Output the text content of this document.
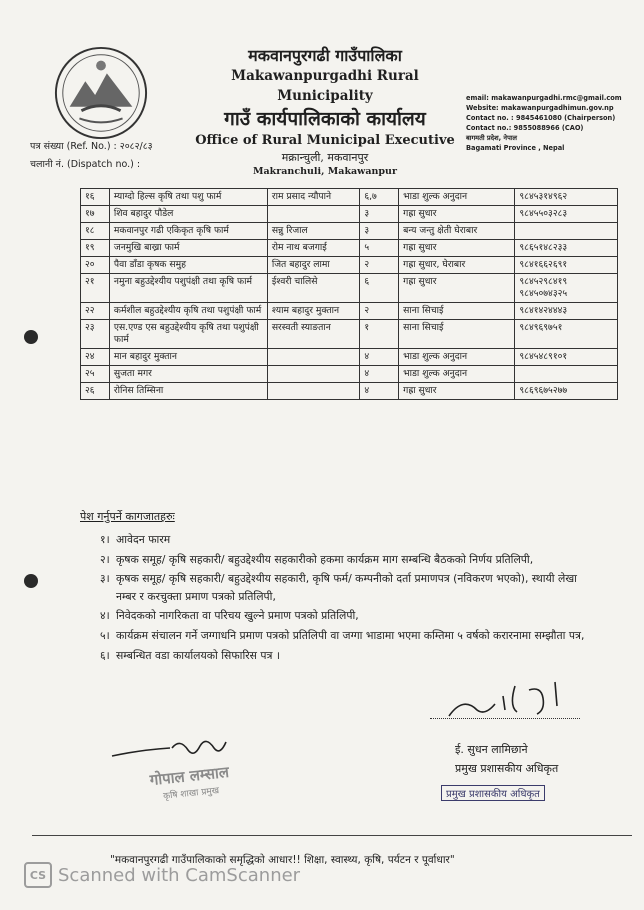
मकवानपुरगढी गाउँपालिका
Makawanpurgadhi Rural Municipality
गाउँ कार्यपालिकाको कार्यालय
Office of Rural Municipal Executive
मक्रान्चुली, मकवानपुर
Makranchuli, Makawanpur
email: makawanpurgadhi.rmc@gmail.com
Website: makawanpurgadhimun.gov.np
Contact no. : 9845461080 (Chairperson)
Contact no.: 9855088966 (CAO)
बागमती प्रदेश, नेपाल
Bagamati Province , Nepal
पत्र संख्या (Ref. No.) : २०८२/८३
चलानी नं. (Dispatch no.) :
१६	म्याग्दो हिल्स कृषि तथा पशु फार्म	राम प्रसाद न्यौपाने	६,७	भाडा शुल्क अनुदान	९८४५३१४९६२

१७	शिव बहादुर पौडेल		३	गह्रा सुधार	९८४५५०३२८३

१८	मकवानपुर गढी एकिकृत कृषि फार्म	सन्नु रिजाल	३	बन्य जन्तु क्षेती घेराबार	

१९	जनमुखि बाख्रा फार्म	रोम नाथ बजगाई	५	गह्रा सुधार	९८६५१४८२३३

२०	पैवा डाँडा कृषक समुह	जित बहादुर लामा	२	गह्रा सुधार, घेराबार	९८४१६६२६९१

२१	नमुना बहुउद्देश्यीय पशुपंक्षी तथा कृषि फार्म	ईश्वरी चालिसे	६	गह्रा सुधार	९८४५२९८४१९
९८४५०७४३२५

२२	कर्मशील बहुउद्देश्यीय कृषि तथा पशुपंक्षी फार्म	श्याम बहादुर मुक्तान	२	साना सिचाई	९८४१४२४४४३

२३	एस.एण्ड एस बहुउद्देश्यीय कृषि तथा पशुपंक्षी फार्म	सरस्वती स्याङतान	१	साना सिचाई	९८४९६९७५१

२४	मान बहादुर मुक्तान		४	भाडा शुल्क अनुदान	९८४५४८९१०१

२५	सुजता मगर		४	भाडा शुल्क अनुदान	

२६	रोनिस तिम्सिना		४	गह्रा सुधार	९८६९६७५२७७
पेश गर्नुपर्ने कागजातहरुः
१। आवेदन फारम
२। कृषक समूह/ कृषि सहकारी/ बहुउद्देश्यीय सहकारीको हकमा कार्यक्रम माग सम्बन्धि बैठकको निर्णय प्रतिलिपी,
३। कृषक समूह/ कृषि सहकारी/ बहुउद्देश्यीय सहकारी, कृषि फर्म/ कम्पनीको दर्ता प्रमाणपत्र (नविकरण भएको), स्थायी लेखा नम्बर र करचुक्ता प्रमाण पत्रको प्रतिलिपी,
४। निवेदकको नागरिकता वा परिचय खुल्ने प्रमाण पत्रको प्रतिलिपी,
५। कार्यक्रम संचालन गर्ने जग्गाधनि प्रमाण पत्रको प्रतिलिपी वा जग्गा भाडामा भएमा कम्तिमा ५ वर्षको करारनामा सम्झौता पत्र,
६। सम्बन्धित वडा कार्यालयको सिफारिस पत्र ।
गोपाल लम्साल
कृषि शाखा प्रमुख
ई. सुधन लामिछाने
प्रमुख प्रशासकीय अधिकृत
प्रमुख प्रशासकीय अधिकृत
"मकवानपुरगढी गाउँपालिकाको समृद्धिको आधार!! शिक्षा, स्वास्थ्य, कृषि, पर्यटन र पूर्वाधार"
CS Scanned with CamScanner
